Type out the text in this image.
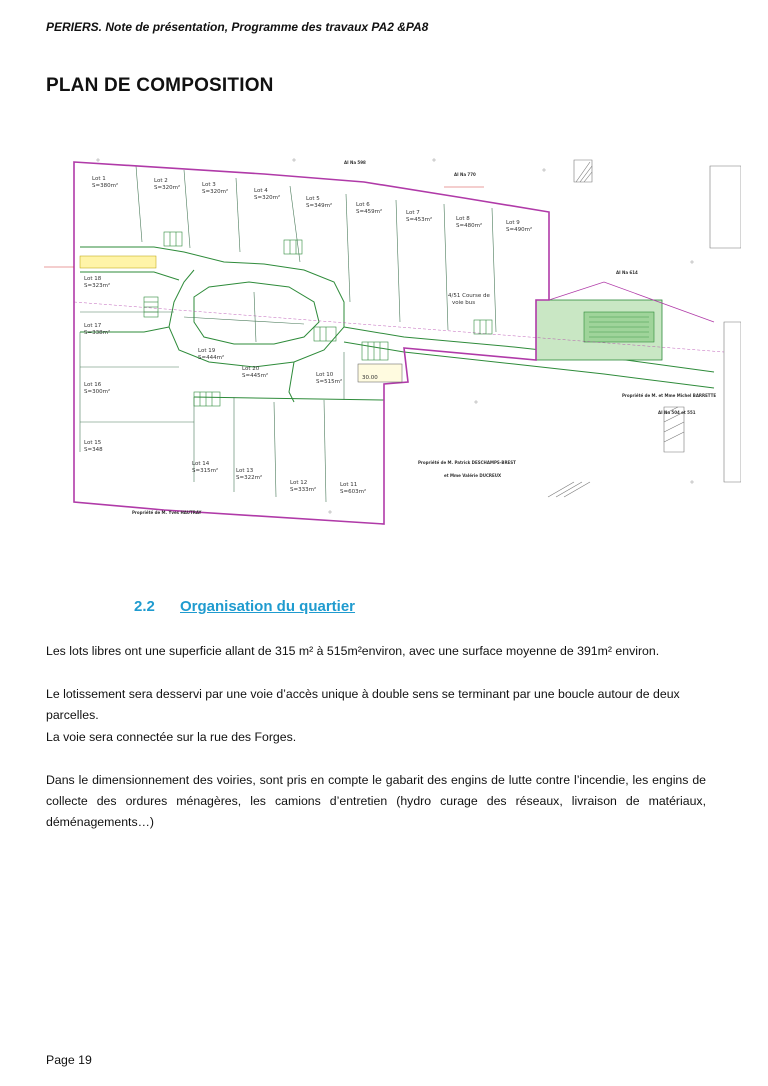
PERIERS. Note de présentation, Programme des travaux PA2 &PA8
PLAN DE COMPOSITION
Lot 1
S=380m²
Lot 2
S=320m²	Lot 3
S=320m²	Lot 4
S=320m²	Lot 5
S=349m²	Lot 6
S=459m²	Lot 7
S=453m²	Lot 8
S=480m²	Lot 9
S=490m²
Lot 18
S=323m²
Lot 17
S=338m²
Lot 16
S=300m²
Lot 15
S=348
Lot 14
S=315m²	Lot 13
S=322m²
Lot 12
S=333m²
Lot 11
S=603m²
Lot 10
S=515m²
Lot 19
S=444m²
Lot 20
S=445m²
4/51 Course de
voie bus
30.00
Propriété de M. Patrick DESCHAMPS-BREST
et Mme Valérie DUCREUX
Propriété de M. Yves HAUTRAY
Propriété de M. et Mme Michel BARRETTE
AI Na 598
AI Na 770
AI Na 614
AI Na 504 et 551
2.2 Organisation du quartier

Les lots libres ont une superficie allant de 315 m² à 515m²environ, avec une surface moyenne de 391m² environ.

Le lotissement sera desservi par une voie d’accès unique à double sens se terminant par une boucle autour de deux parcelles.

La voie sera connectée sur la rue des Forges.

Dans le dimensionnement des voiries, sont pris en compte le gabarit des engins de lutte contre l’incendie, les engins de collecte des ordures ménagères, les camions d’entretien (hydro curage des réseaux, livraison de matériaux, déménagements…)

Page 19
